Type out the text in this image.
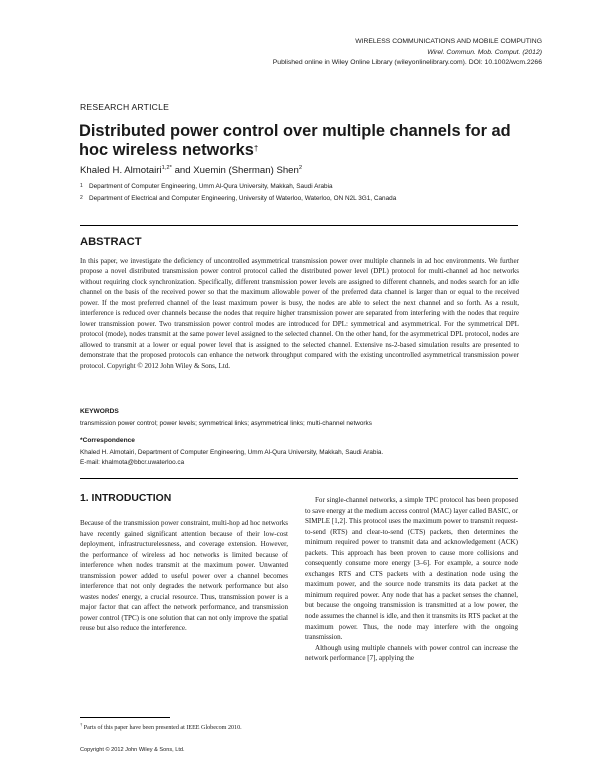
WIRELESS COMMUNICATIONS AND MOBILE COMPUTING
Wirel. Commun. Mob. Comput. (2012)
Published online in Wiley Online Library (wileyonlinelibrary.com). DOI: 10.1002/wcm.2266
RESEARCH ARTICLE
Distributed power control over multiple channels for ad hoc wireless networks†
Khaled H. Almotairi$^{1,2*}$ and Xuemin (Sherman) Shen$^2$
1 Department of Computer Engineering, Umm Al-Qura University, Makkah, Saudi Arabia
2 Department of Electrical and Computer Engineering, University of Waterloo, Waterloo, ON N2L 3G1, Canada
ABSTRACT
In this paper, we investigate the deficiency of uncontrolled asymmetrical transmission power over multiple channels in ad hoc environments. We further propose a novel distributed transmission power control protocol called the distributed power level (DPL) protocol for multi-channel ad hoc networks without requiring clock synchronization. Specifically, different transmission power levels are assigned to different channels, and nodes search for an idle channel on the basis of the received power so that the maximum allowable power of the preferred data channel is larger than or equal to the received power. If the most preferred channel of the least maximum power is busy, the nodes are able to select the next channel and so forth. As a result, interference is reduced over channels because the nodes that require higher transmission power are separated from interfering with the nodes that require lower transmission power. Two transmission power control modes are introduced for DPL: symmetrical and asymmetrical. For the symmetrical DPL protocol (mode), nodes transmit at the same power level assigned to the selected channel. On the other hand, for the asymmetrical DPL protocol, nodes are allowed to transmit at a lower or equal power level that is assigned to the selected channel. Extensive ns-2-based simulation results are presented to demonstrate that the proposed protocols can enhance the network throughput compared with the existing uncontrolled asymmetrical transmission power protocol. Copyright © 2012 John Wiley & Sons, Ltd.
KEYWORDS
transmission power control; power levels; symmetrical links; asymmetrical links; multi-channel networks
*Correspondence
Khaled H. Almotairi, Department of Computer Engineering, Umm Al-Qura University, Makkah, Saudi Arabia.
E-mail: khalmota@bbcr.uwaterloo.ca
1. INTRODUCTION

Because of the transmission power constraint, multi-hop ad hoc networks have recently gained significant attention because of their low-cost deployment, infrastructurelessness, and coverage extension. However, the performance of wireless ad hoc networks is limited because of interference when nodes transmit at the maximum power. Unwanted transmission power added to useful power over a channel becomes interference that not only degrades the network performance but also wastes nodes' energy, a crucial resource. Thus, transmission power is a major factor that can affect the network performance, and transmission power control (TPC) is one solution that can not only improve the spatial reuse but also reduce the interference.

For single-channel networks, a simple TPC protocol has been proposed to save energy at the medium access control (MAC) layer called BASIC, or SIMPLE [1,2]. This protocol uses the maximum power to transmit request-to-send (RTS) and clear-to-send (CTS) packets, then determines the minimum required power to transmit data and acknowledgement (ACK) packets. This approach has been proven to cause more collisions and consequently consume more energy [3–6]. For example, a source node exchanges RTS and CTS packets with a destination node using the maximum power, and the source node transmits its data packet at the minimum required power. Any node that has a packet senses the channel, but because the ongoing transmission is transmitted at a low power, the node assumes the channel is idle, and then it transmits its RTS packet at the maximum power. Thus, the node may interfere with the ongoing transmission.

Although using multiple channels with power control can increase the network performance [7], applying the

† Parts of this paper have been presented at IEEE Globecom 2010.
Copyright © 2012 John Wiley & Sons, Ltd.
